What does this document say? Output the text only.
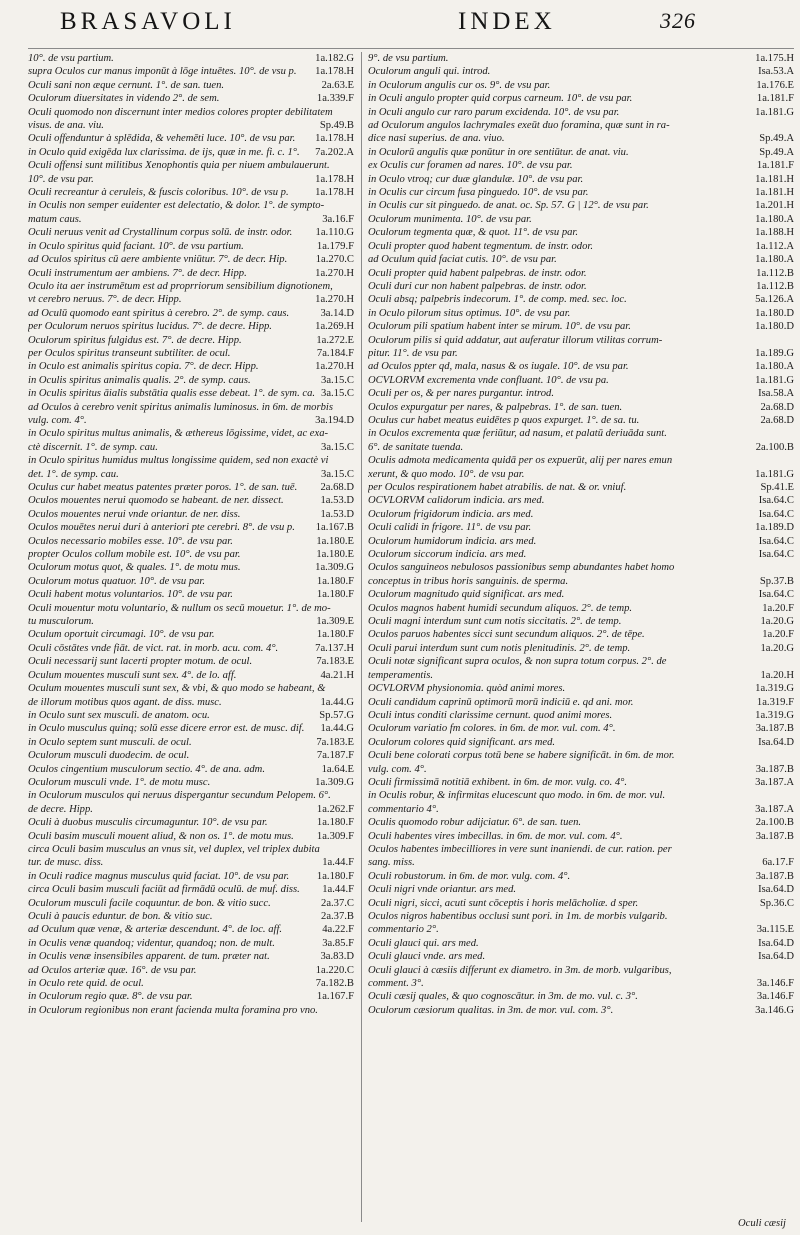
BRASAVOLI	INDEX	326
10°. de vsu partium.	1a.182.G
supra Oculos cur manus imponūt à lōge intuētes. 10°. de vsu p. 1a.178.H
Oculi sani non æque cernunt. 1°. de san. tuen.	2a.63.E
Oculorum diuersitates in videndo 2°. de sem.	1a.339.F
Oculi quomodo non discernunt inter medios colores propter debilitatem
visus. de ana. viu.	Sp.49.B
Oculi offenduntur à splēdida, & vehemēti luce. 10°. de vsu par. 1a.178.H
in Oculo quid exigēda lux clarissima. de ijs, quæ in me. fi. c. 1°. 7a.202.A
Oculi offensi sunt militibus Xenophontis quia per niuem ambulauerunt.
10°. de vsu par.	1a.178.H
Oculi recreantur à ceruleis, & fuscis coloribus. 10°. de vsu p.	1a.178.H
in Oculis non semper euidenter est delectatio, & dolor. 1°. de sympto-
matum caus.	3a.16.F
Oculi neruus venit ad Crystallinum corpus solū. de instr. odor. 1a.110.G
in Oculo spiritus quid faciant. 10°. de vsu partium.	1a.179.F
ad Oculos spiritus cū aere ambiente vniūtur. 7°. de decr. Hip.	1a.270.C
Oculi instrumentum aer ambiens. 7°. de decr. Hipp.	1a.270.H
Oculo ita aer instrumētum est ad proprriorum sensibilium dignotionem,
vt cerebro neruus. 7°. de decr. Hipp.	1a.270.H
ad Oculū quomodo eant spiritus à cerebro. 2°. de symp. caus.	3a.14.D
per Oculorum neruos spiritus lucidus. 7°. de decre. Hipp.	1a.269.H
Oculorum spiritus fulgidus est. 7°. de decre. Hipp.	1a.272.E
per Oculos spiritus transeunt subtiliter. de ocul.	7a.184.F
in Oculo est animalis spiritus copia. 7°. de decr. Hipp.	1a.270.H
in Oculis spiritus animalis qualis. 2°. de symp. caus.	3a.15.C
in Oculis spiritus āialis substātia qualis esse debeat. 1°. de sym. ca. 3a.15.C
ad Oculos à cerebro venit spiritus animalis luminosus. in 6m. de morbis
vulg. com. 4°.	3a.194.D
in Oculo spiritus multus animalis, & æthereus lōgissime, videt, ac exa-
ctè discernit. 1°. de symp. cau.	3a.15.C
in Oculo spiritus humidus multus longissime quidem, sed non exactè vi
det. 1°. de symp. cau.	3a.15.C
Oculus cur habet meatus patentes præter poros. 1°. de san. tuē. 2a.68.D
Oculos mouentes nerui quomodo se habeant. de ner. dissect.	1a.53.D
Oculos mouentes nerui vnde oriantur. de ner. diss.	1a.53.D
Oculos mouētes nerui duri à anteriori pte cerebri. 8°. de vsu p. 1a.167.B
Oculos necessario mobiles esse. 10°. de vsu par.	1a.180.E
propter Oculos collum mobile est. 10°. de vsu par.	1a.180.E
Oculorum motus quot, & quales. 1°. de motu mus.	1a.309.G
Oculorum motus quatuor. 10°. de vsu par.	1a.180.F
Oculi habent motus voluntarios. 10°. de vsu par.	1a.180.F
Oculi mouentur motu voluntario, & nullum os secū mouetur. 1°. de mo-
tu musculorum.	1a.309.E
Oculum oportuit circumagi. 10°. de vsu par.	1a.180.F
Oculi cōstātes vnde fiāt. de vict. rat. in morb. acu. com. 4°.	7a.137.H
Oculi necessarij sunt lacerti propter motum. de ocul.	7a.183.E
Oculum mouentes musculi sunt sex. 4°. de lo. aff.	4a.21.H
Oculum mouentes musculi sunt sex, & vbi, & quo modo se habeant, &
de illorum motibus quos agant. de diss. musc.	1a.44.G
in Oculo sunt sex musculi. de anatom. ocu.	Sp.57.G
in Oculo musculus quinq; solū esse dicere error est. de musc. dif. 1a.44.G
in Oculo septem sunt musculi. de ocul.	7a.183.E
Oculorum musculi duodecim. de ocul.	7a.187.F
Oculos cingentium musculorum sectio. 4°. de ana. adm.	1a.64.E
Oculorum musculi vnde. 1°. de motu musc.	1a.309.G
in Oculorum musculos qui neruus dispergantur secundum Pelopem. 6°.
de decre. Hipp.	1a.262.F
Oculi à duobus musculis circumaguntur. 10°. de vsu par.	1a.180.F
Oculi basim musculi mouent aliud, & non os. 1°. de motu mus. 1a.309.F
circa Oculi basim musculus an vnus sit, vel duplex, vel triplex dubita
tur. de musc. diss.	1a.44.F
in Oculi radice magnus musculus quid faciat. 10°. de vsu par.	1a.180.F
circa Oculi basim musculi faciūt ad firmādū oculū. de muf. diss. 1a.44.F
Oculorum musculi facile coquuntur. de bon. & vitio succ.	2a.37.C
Oculi à paucis eduntur. de bon. & vitio suc.	2a.37.B
ad Oculum quæ venæ, & arteriæ descendunt. 4°. de loc. aff.	4a.22.F
in Oculis venæ quandoq; videntur, quandoq; non. de mult.	3a.85.F
in Oculis venæ insensibiles apparent. de tum. præter nat.	3a.83.D
ad Oculos arteriæ quæ. 16°. de vsu par.	1a.220.C
in Oculo rete quid. de ocul.	7a.182.B
in Oculorum regio quæ. 8°. de vsu par.	1a.167.F
in Oculorum regionibus non erant facienda multa foramina pro vno.
9°. de vsu partium.	1a.175.H
Oculorum anguli qui. introd.	Isa.53.A
in Oculorum angulis cur os. 9°. de vsu par.	1a.176.E
in Oculi angulo propter quid corpus carneum. 10°. de vsu par.	1a.181.F
in Oculi angulo cur raro parum excidenda. 10°. de vsu par.	1a.181.G
ad Oculorum angulos lachrymales exeūt duo foramina, quæ sunt in ra-
dice nasi superius. de ana. viuo.	Sp.49.A
in Oculorū angulis quæ ponūtur in ore sentiūtur. de anat. viu.	Sp.49.A
ex Oculis cur foramen ad nares. 10°. de vsu par.	1a.181.F
in Oculo vtroq; cur duæ glandulæ. 10°. de vsu par.	1a.181.H
in Oculis cur circum fusa pinguedo. 10°. de vsu par.	1a.181.H
in Oculis cur sit pinguedo. de anat. oc. Sp. 57. G | 12°. de vsu par.	1a.201.H
Oculorum munimenta. 10°. de vsu par.	1a.180.A
Oculorum tegmenta quæ, & quot. 11°. de vsu par.	1a.188.H
Oculi propter quod habent tegmentum. de instr. odor.	1a.112.A
ad Oculum quid faciat cutis. 10°. de vsu par.	1a.180.A
Oculi propter quid habent palpebras. de instr. odor.	1a.112.B
Oculi duri cur non habent palpebras. de instr. odor.	1a.112.B
Oculi absq; palpebris indecorum. 1°. de comp. med. sec. loc.	5a.126.A
in Oculo pilorum situs optimus. 10°. de vsu par.	1a.180.D
Oculorum pili spatium habent inter se mirum. 10°. de vsu par.	1a.180.D
Oculorum pilis si quid addatur, aut auferatur illorum vtilitas corrum-
pitur. 11°. de vsu par.	1a.189.G
ad Oculos ppter qd, mala, nasus & os iugale. 10°. de vsu par.	1a.180.A
OCVLORVM excrementa vnde confluant. 10°. de vsu pa.	1a.181.G
Oculi per os, & per nares purgantur. introd.	Isa.58.A
Oculos expurgatur per nares, & palpebras. 1°. de san. tuen.	2a.68.D
Oculus cur habet meatus euidētes p quos expurget. 1°. de sa. tu.	2a.68.D
in Oculos excrementa quæ feriūtur, ad nasum, et palatū deriuāda sunt.
6°. de sanitate tuenda.	2a.100.B
Oculis admota medicamenta quidā per os expuerūt, alij per nares emun
xerunt, & quo modo. 10°. de vsu par.	1a.181.G
per Oculos respirationem habet atrabilis. de nat. & or. vniuf.	Sp.41.E
OCVLORVM calidorum indicia. ars med.	Isa.64.C
Oculorum frigidorum indicia. ars med.	Isa.64.C
Oculi calidi in frigore. 11°. de vsu par.	1a.189.D
Oculorum humidorum indicia. ars med.	Isa.64.C
Oculorum siccorum indicia. ars med.	Isa.64.C
Oculos sanguineos nebulosos passionibus semp abundantes habet homo
conceptus in tribus horis sanguinis. de sperma.	Sp.37.B
Oculorum magnitudo quid significat. ars med.	Isa.64.C
Oculos magnos habent humidi secundum aliquos. 2°. de temp.	1a.20.F
Oculi magni interdum sunt cum notis siccitatis. 2°. de temp.	1a.20.G
Oculos paruos habentes sicci sunt secundum aliquos. 2°. de tēpe.	1a.20.F
Oculi parui interdum sunt cum notis plenitudinis. 2°. de temp.	1a.20.G
Oculi notæ significant supra oculos, & non supra totum corpus. 2°. de
temperamentis.	1a.20.H
OCVLORVM physionomia. quòd animi mores.	1a.319.G
Oculi candidum caprinū optimorū morū indiciū e. qd ani. mor.	1a.319.F
Oculi intus conditi clarissime cernunt. quod animi mores.	1a.319.G
Oculorum variatio fm colores. in 6m. de mor. vul. com. 4°.	3a.187.B
Oculorum colores quid significant. ars med.	Isa.64.D
Oculi bene colorati corpus totū bene se habere significāt. in 6m. de mor.
vulg. com. 4°.	3a.187.B
Oculi firmissimā notitiā exhibent. in 6m. de mor. vulg. co. 4°.	3a.187.A
in Oculis robur, & infirmitas elucescunt quo modo. in 6m. de mor. vul.
commentario 4°.	3a.187.A
Oculis quomodo robur adijciatur. 6°. de san. tuen.	2a.100.B
Oculi habentes vires imbecillas. in 6m. de mor. vul. com. 4°.	3a.187.B
Oculos habentes imbecilliores in vere sunt inaniendi. de cur. ration. per
sang. miss.	6a.17.F
Oculi robustorum. in 6m. de mor. vulg. com. 4°.	3a.187.B
Oculi nigri vnde oriantur. ars med.	Isa.64.D
Oculi nigri, sicci, acuti sunt cōceptis i horis melācholiæ. d sper.	Sp.36.C
Oculos nigros habentibus occlusi sunt pori. in 1m. de morbis vulgarib.
commentario 2°.	3a.115.E
Oculi glauci qui. ars med.	Isa.64.D
Oculi glauci vnde. ars med.	Isa.64.D
Oculi glauci à cæsiis differunt ex diametro. in 3m. de morb. vulgaribus,
comment. 3°.	3a.146.F
Oculi cæsij quales, & quo cognoscātur. in 3m. de mo. vul. c. 3°.	3a.146.F
Oculorum cæsiorum qualitas. in 3m. de mor. vul. com. 3°.	3a.146.G
Oculi cæsij
